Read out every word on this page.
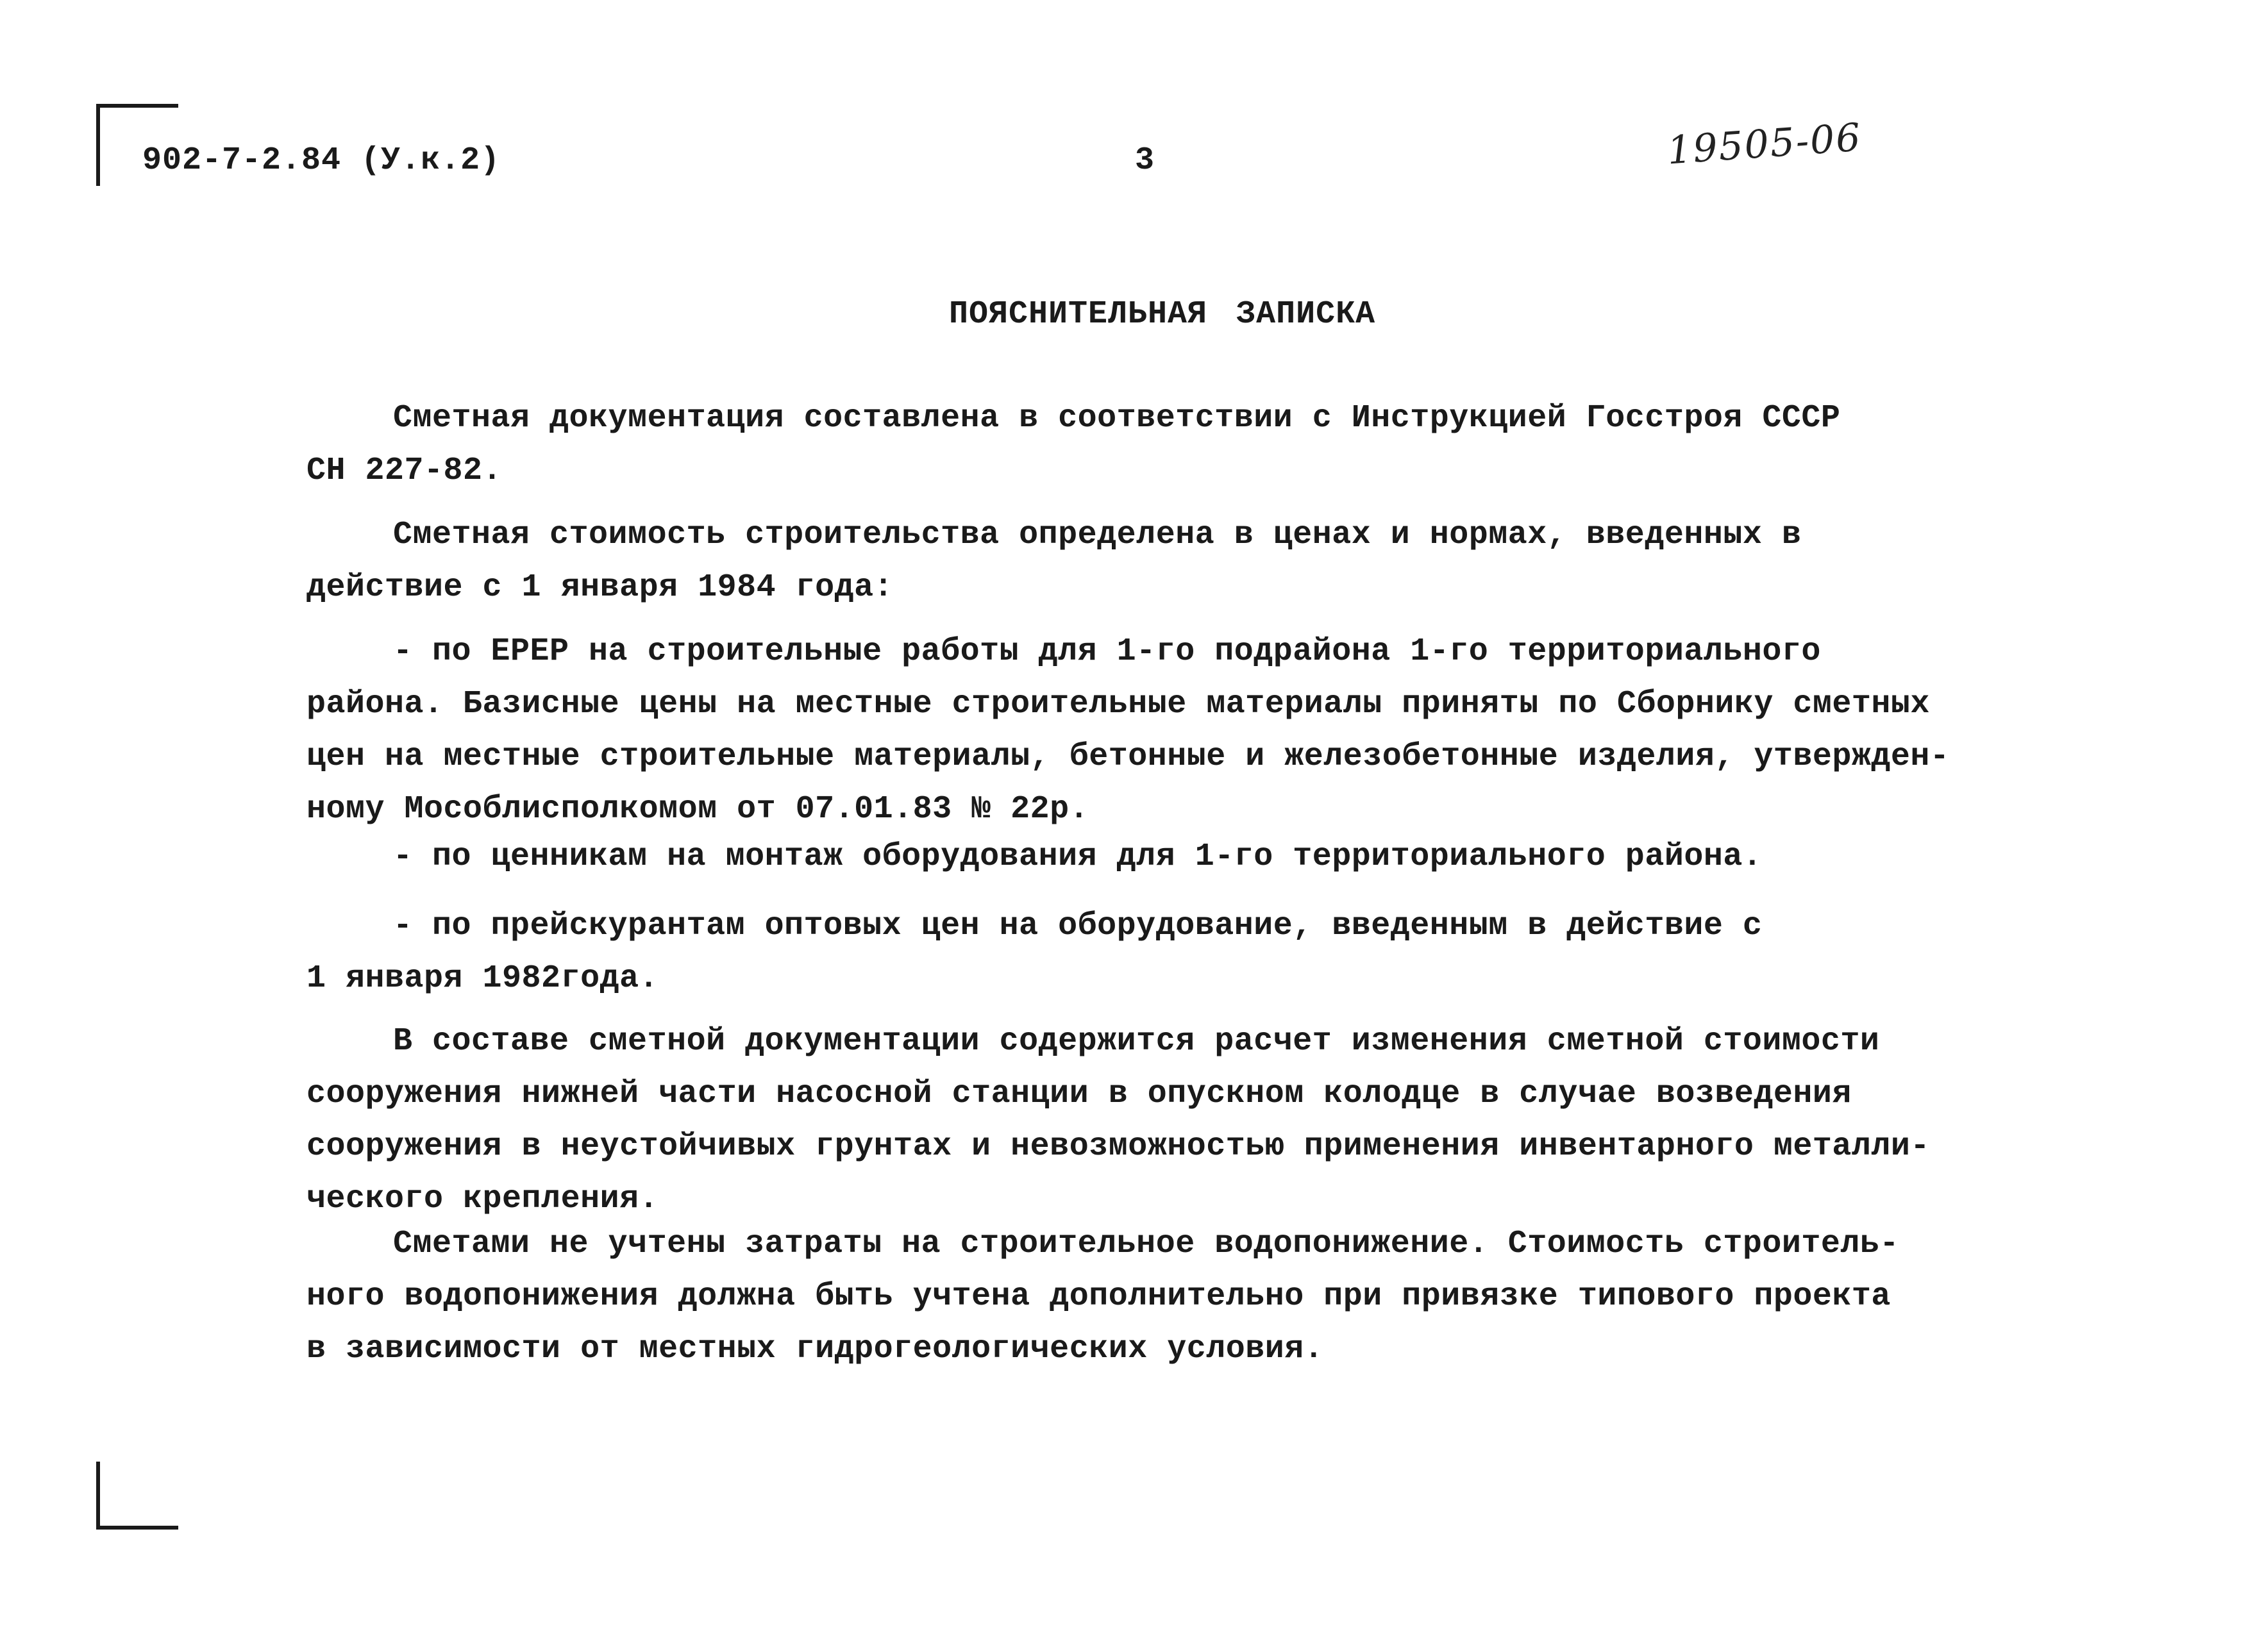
902-7-2.84 (У.к.2)	3	19505-06
ПОЯСНИТЕЛЬНАЯ ЗАПИСКА
Сметная документация составлена в соответствии с Инструкцией Госстроя СССР
СН 227-82.
Сметная стоимость строительства определена в ценах и нормах, введенных в
действие с 1 января 1984 года:
- по ЕРЕР на строительные работы для 1-го подрайона 1-го территориального
района. Базисные цены на местные строительные материалы приняты по Сборнику сметных
цен на местные строительные материалы, бетонные и железобетонные изделия, утвержден-
ному Мособлисполкомом от 07.01.83 № 22р.
- по ценникам на монтаж оборудования для 1-го территориального района.
- по прейскурантам оптовых цен на оборудование, введенным в действие с
1 января 1982года.
В составе сметной документации содержится расчет изменения сметной стоимости
сооружения нижней части насосной станции в опускном колодце в случае возведения
сооружения в неустойчивых грунтах и невозможностью применения инвентарного металли-
ческого крепления.
Сметами не учтены затраты на строительное водопонижение. Стоимость строитель-
ного водопонижения должна быть учтена дополнительно при привязке типового проекта
в зависимости от местных гидрогеологических условия.
